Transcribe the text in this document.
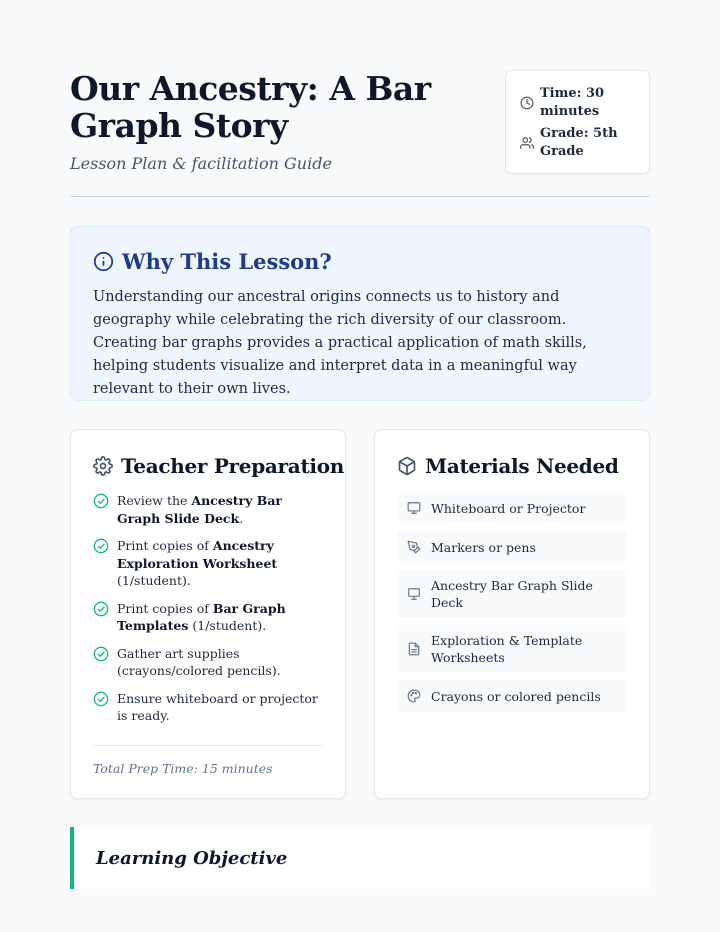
Our Ancestry: A Bar Graph Story
Lesson Plan & facilitation Guide
Time: 30 minutes
Grade: 5th Grade
Why This Lesson?

Understanding our ancestral origins connects us to history and geography while celebrating the rich diversity of our classroom. Creating bar graphs provides a practical application of math skills, helping students visualize and interpret data in a meaningful way relevant to their own lives.

Teacher Preparation
Review the Ancestry Bar Graph Slide Deck.
Print copies of Ancestry Exploration Worksheet (1/student).
Print copies of Bar Graph Templates (1/student).
Gather art supplies (crayons/colored pencils).
Ensure whiteboard or projector is ready.
Total Prep Time: 15 minutes
Materials Needed
Whiteboard or Projector
Markers or pens
Ancestry Bar Graph Slide Deck
Exploration & Template Worksheets
Crayons or colored pencils
Learning Objective
